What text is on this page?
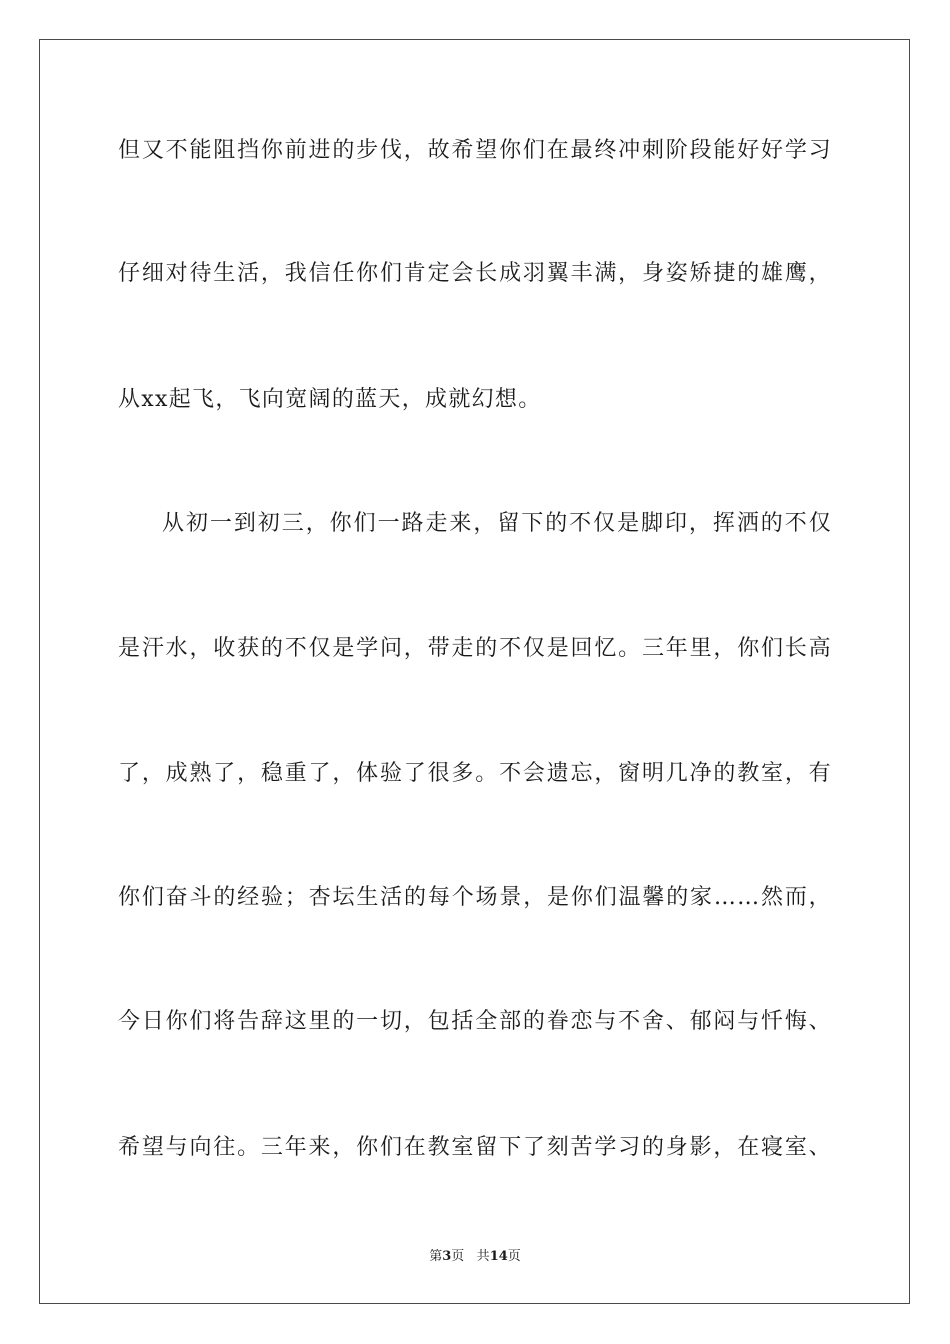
但又不能阻挡你前进的步伐，故希望你们在最终冲刺阶段能好好学习
仔细对待生活，我信任你们肯定会长成羽翼丰满，身姿矫捷的雄鹰，
从xx起飞，飞向宽阔的蓝天，成就幻想。
从初一到初三，你们一路走来，留下的不仅是脚印，挥洒的不仅
是汗水，收获的不仅是学问，带走的不仅是回忆。三年里，你们长高
了，成熟了，稳重了，体验了很多。不会遗忘，窗明几净的教室，有
你们奋斗的经验；杏坛生活的每个场景，是你们温馨的家……然而，
今日你们将告辞这里的一切，包括全部的眷恋与不舍、郁闷与忏悔、
希望与向往。三年来，你们在教室留下了刻苦学习的身影，在寝室、
第3页 共14页
